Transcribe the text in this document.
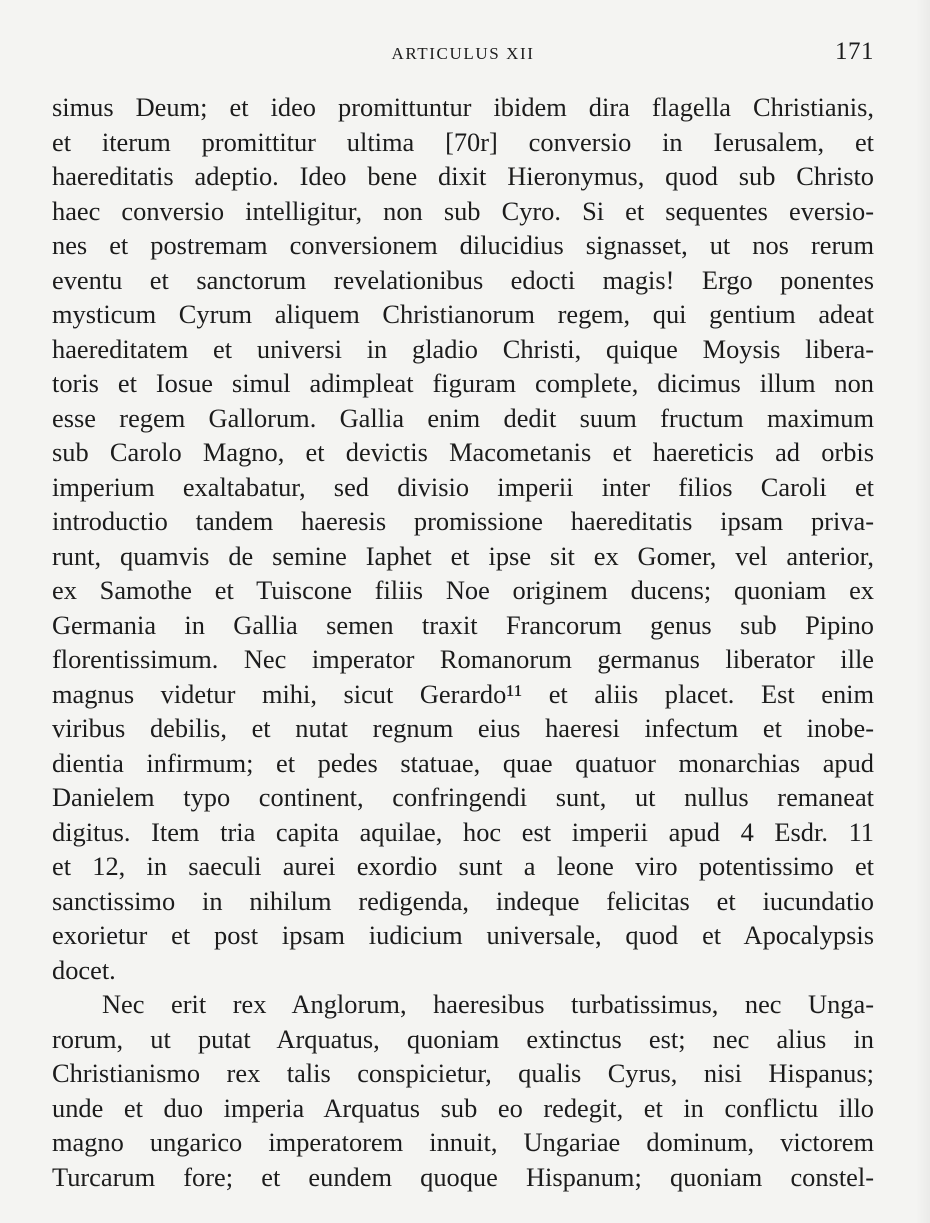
ARTICULUS XII	171
simus Deum; et ideo promittuntur ibidem dira flagella Christianis,
et iterum promittitur ultima [70r] conversio in Ierusalem, et
haereditatis adeptio. Ideo bene dixit Hieronymus, quod sub Christo
haec conversio intelligitur, non sub Cyro. Si et sequentes eversio-
nes et postremam conversionem dilucidius signasset, ut nos rerum
eventu et sanctorum revelationibus edocti magis! Ergo ponentes
mysticum Cyrum aliquem Christianorum regem, qui gentium adeat
haereditatem et universi in gladio Christi, quique Moysis libera-
toris et Iosue simul adimpleat figuram complete, dicimus illum non
esse regem Gallorum. Gallia enim dedit suum fructum maximum
sub Carolo Magno, et devictis Macometanis et haereticis ad orbis
imperium exaltabatur, sed divisio imperii inter filios Caroli et
introductio tandem haeresis promissione haereditatis ipsam priva-
runt, quamvis de semine Iaphet et ipse sit ex Gomer, vel anterior,
ex Samothe et Tuiscone filiis Noe originem ducens; quoniam ex
Germania in Gallia semen traxit Francorum genus sub Pipino
florentissimum. Nec imperator Romanorum germanus liberator ille
magnus videtur mihi, sicut Gerardo¹¹ et aliis placet. Est enim
viribus debilis, et nutat regnum eius haeresi infectum et inobe-
dientia infirmum; et pedes statuae, quae quatuor monarchias apud
Danielem typo continent, confringendi sunt, ut nullus remaneat
digitus. Item tria capita aquilae, hoc est imperii apud 4 Esdr. 11
et 12, in saeculi aurei exordio sunt a leone viro potentissimo et
sanctissimo in nihilum redigenda, indeque felicitas et iucundatio
exorietur et post ipsam iudicium universale, quod et Apocalypsis
docet.
Nec erit rex Anglorum, haeresibus turbatissimus, nec Unga-
rorum, ut putat Arquatus, quoniam extinctus est; nec alius in
Christianismo rex talis conspicietur, qualis Cyrus, nisi Hispanus;
unde et duo imperia Arquatus sub eo redegit, et in conflictu illo
magno ungarico imperatorem innuit, Ungariae dominum, victorem
Turcarum fore; et eundem quoque Hispanum; quoniam constel-
